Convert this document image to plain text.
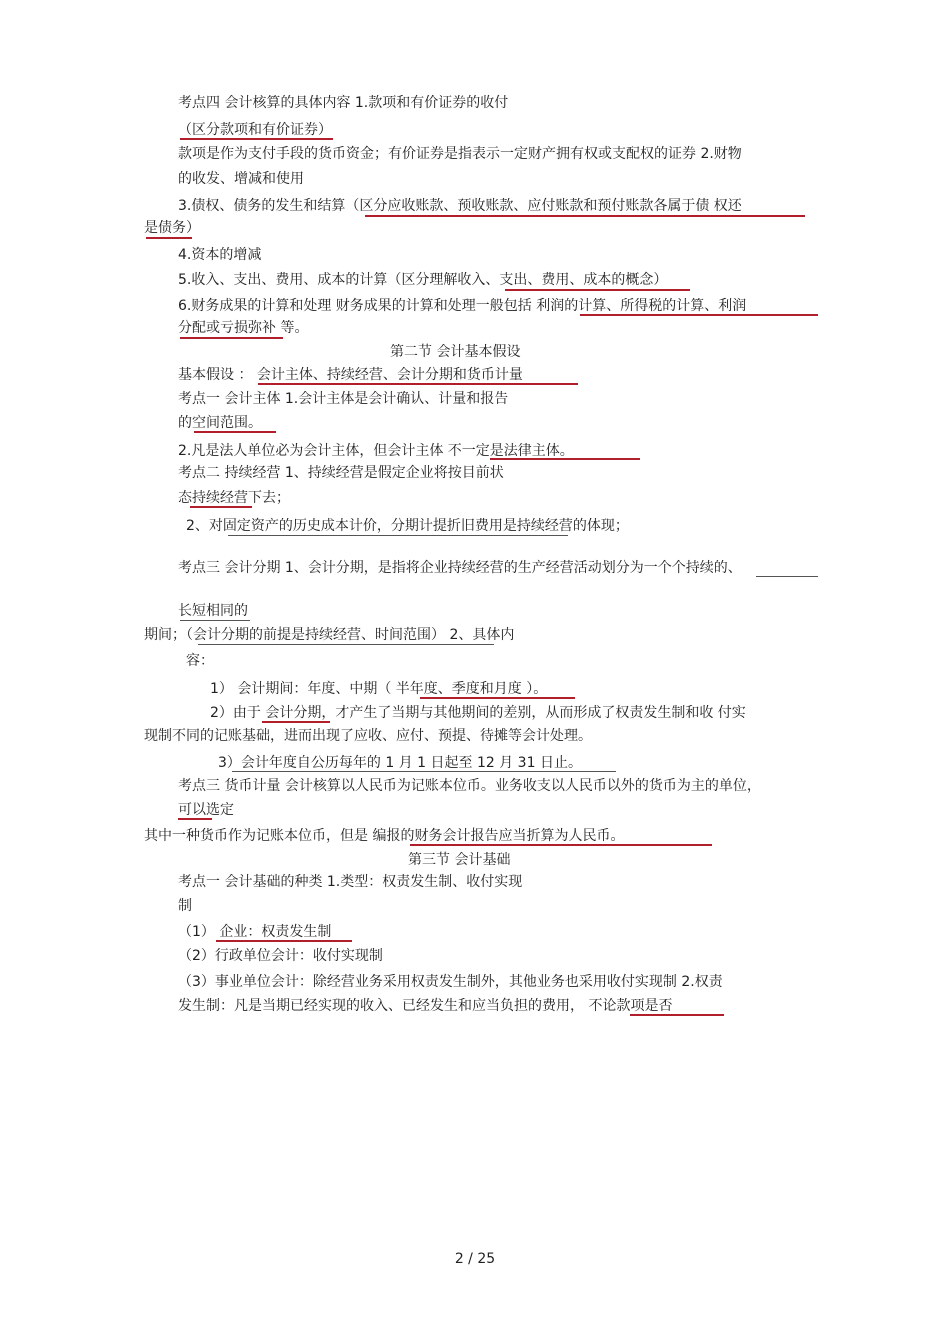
考点四 会计核算的具体内容 1.款项和有价证券的收付
（区分款项和有价证券）
款项是作为支付手段的货币资金；有价证券是指表示一定财产拥有权或支配权的证券 2.财物
的收发、增减和使用
3.债权、债务的发生和结算（区分应收账款、预收账款、应付账款和预付账款各属于债 权还
是债务）
4.资本的增减
5.收入、支出、费用、成本的计算（区分理解收入、支出、费用、成本的概念）
6.财务成果的计算和处理 财务成果的计算和处理一般包括 利润的计算、所得税的计算、利润
分配或亏损弥补 等。
第二节 会计基本假设
基本假设 ： 会计主体、持续经营、会计分期和货币计量
考点一 会计主体 1.会计主体是会计确认、计量和报告
的空间范围。
2.凡是法人单位必为会计主体，但会计主体 不一定是法律主体。
考点二 持续经营 1、持续经营是假定企业将按目前状
态持续经营下去；
2、对固定资产的历史成本计价，分期计提折旧费用是持续经营的体现；
考点三 会计分期 1、会计分期，是指将企业持续经营的生产经营活动划分为一个个持续的、
长短相同的
期间；（会计分期的前提是持续经营、时间范围） 2、具体内
容：
1） 会计期间：年度、中期（ 半年度、季度和月度 ）。
2）由于 会计分期，才产生了当期与其他期间的差别，从而形成了权责发生制和收 付实
现制不同的记账基础，进而出现了应收、应付、预提、待摊等会计处理。
3）会计年度自公历每年的 1 月 1 日起至 12 月 31 日止。
考点三 货币计量 会计核算以人民币为记账本位币。业务收支以人民币以外的货币为主的单位，
可以选定
其中一种货币作为记账本位币，但是 编报的财务会计报告应当折算为人民币。
第三节 会计基础
考点一 会计基础的种类 1.类型：权责发生制、收付实现
制
（1） 企业：权责发生制
（2）行政单位会计：收付实现制
（3）事业单位会计：除经营业务采用权责发生制外，其他业务也采用收付实现制 2.权责
发生制：凡是当期已经实现的收入、已经发生和应当负担的费用， 不论款项是否
2 / 25
